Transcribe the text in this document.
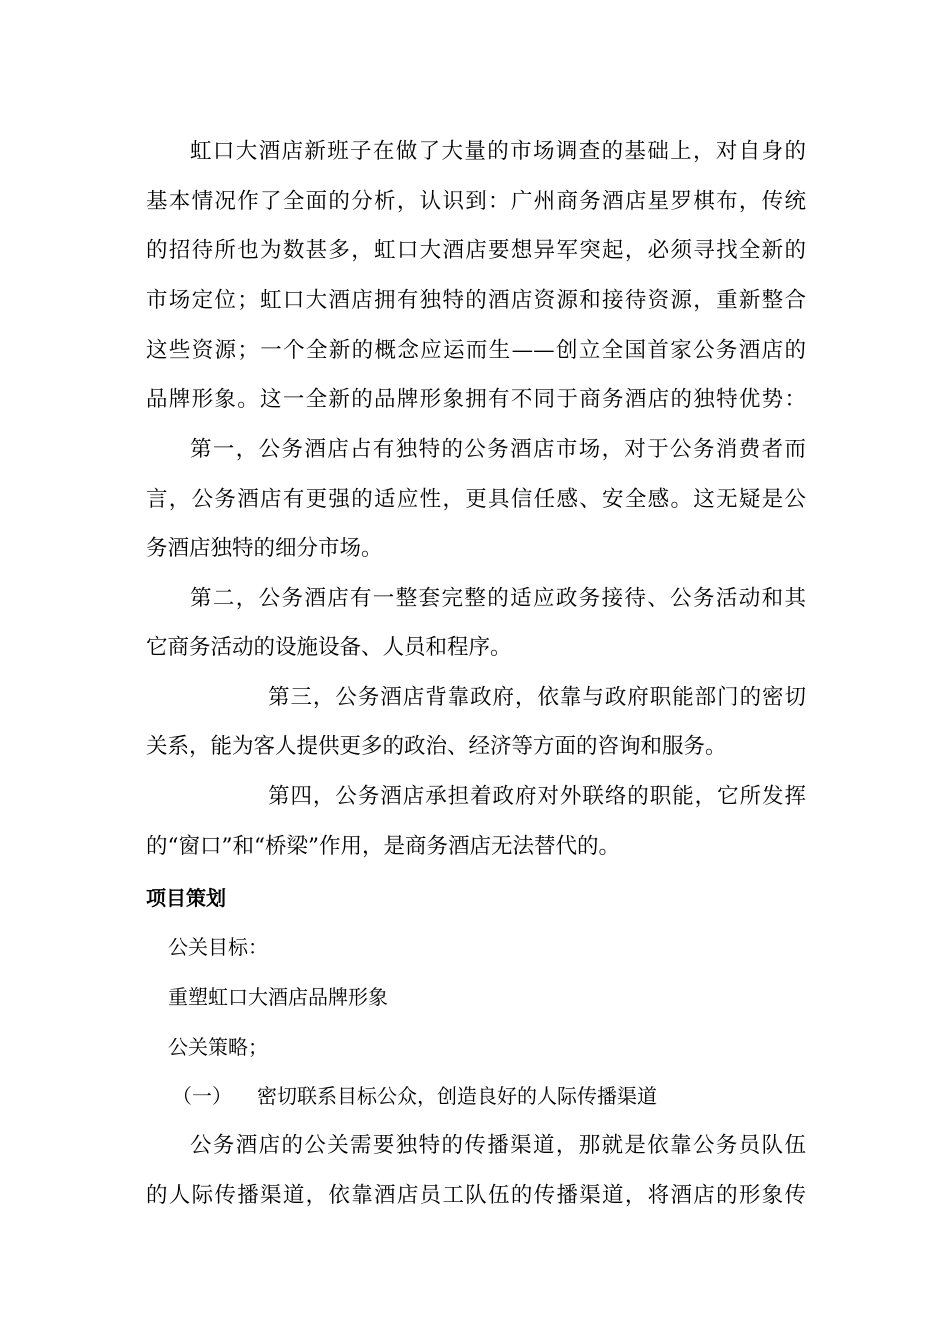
虹口大酒店新班子在做了大量的市场调查的基础上，对自身的
基本情况作了全面的分析，认识到：广州商务酒店星罗棋布，传统
的招待所也为数甚多，虹口大酒店要想异军突起，必须寻找全新的
市场定位；虹口大酒店拥有独特的酒店资源和接待资源，重新整合
这些资源；一个全新的概念应运而生——创立全国首家公务酒店的
品牌形象。这一全新的品牌形象拥有不同于商务酒店的独特优势：
第一，公务酒店占有独特的公务酒店市场，对于公务消费者而
言，公务酒店有更强的适应性，更具信任感、安全感。这无疑是公
务酒店独特的细分市场。
第二，公务酒店有一整套完整的适应政务接待、公务活动和其
它商务活动的设施设备、人员和程序。
第三，公务酒店背靠政府，依靠与政府职能部门的密切
关系，能为客人提供更多的政治、经济等方面的咨询和服务。
第四，公务酒店承担着政府对外联络的职能，它所发挥
的“窗口”和“桥梁”作用，是商务酒店无法替代的。
项目策划
公关目标：
重塑虹口大酒店品牌形象
公关策略；
（一）	密切联系目标公众，创造良好的人际传播渠道
公务酒店的公关需要独特的传播渠道，那就是依靠公务员队伍
的人际传播渠道，依靠酒店员工队伍的传播渠道，将酒店的形象传
